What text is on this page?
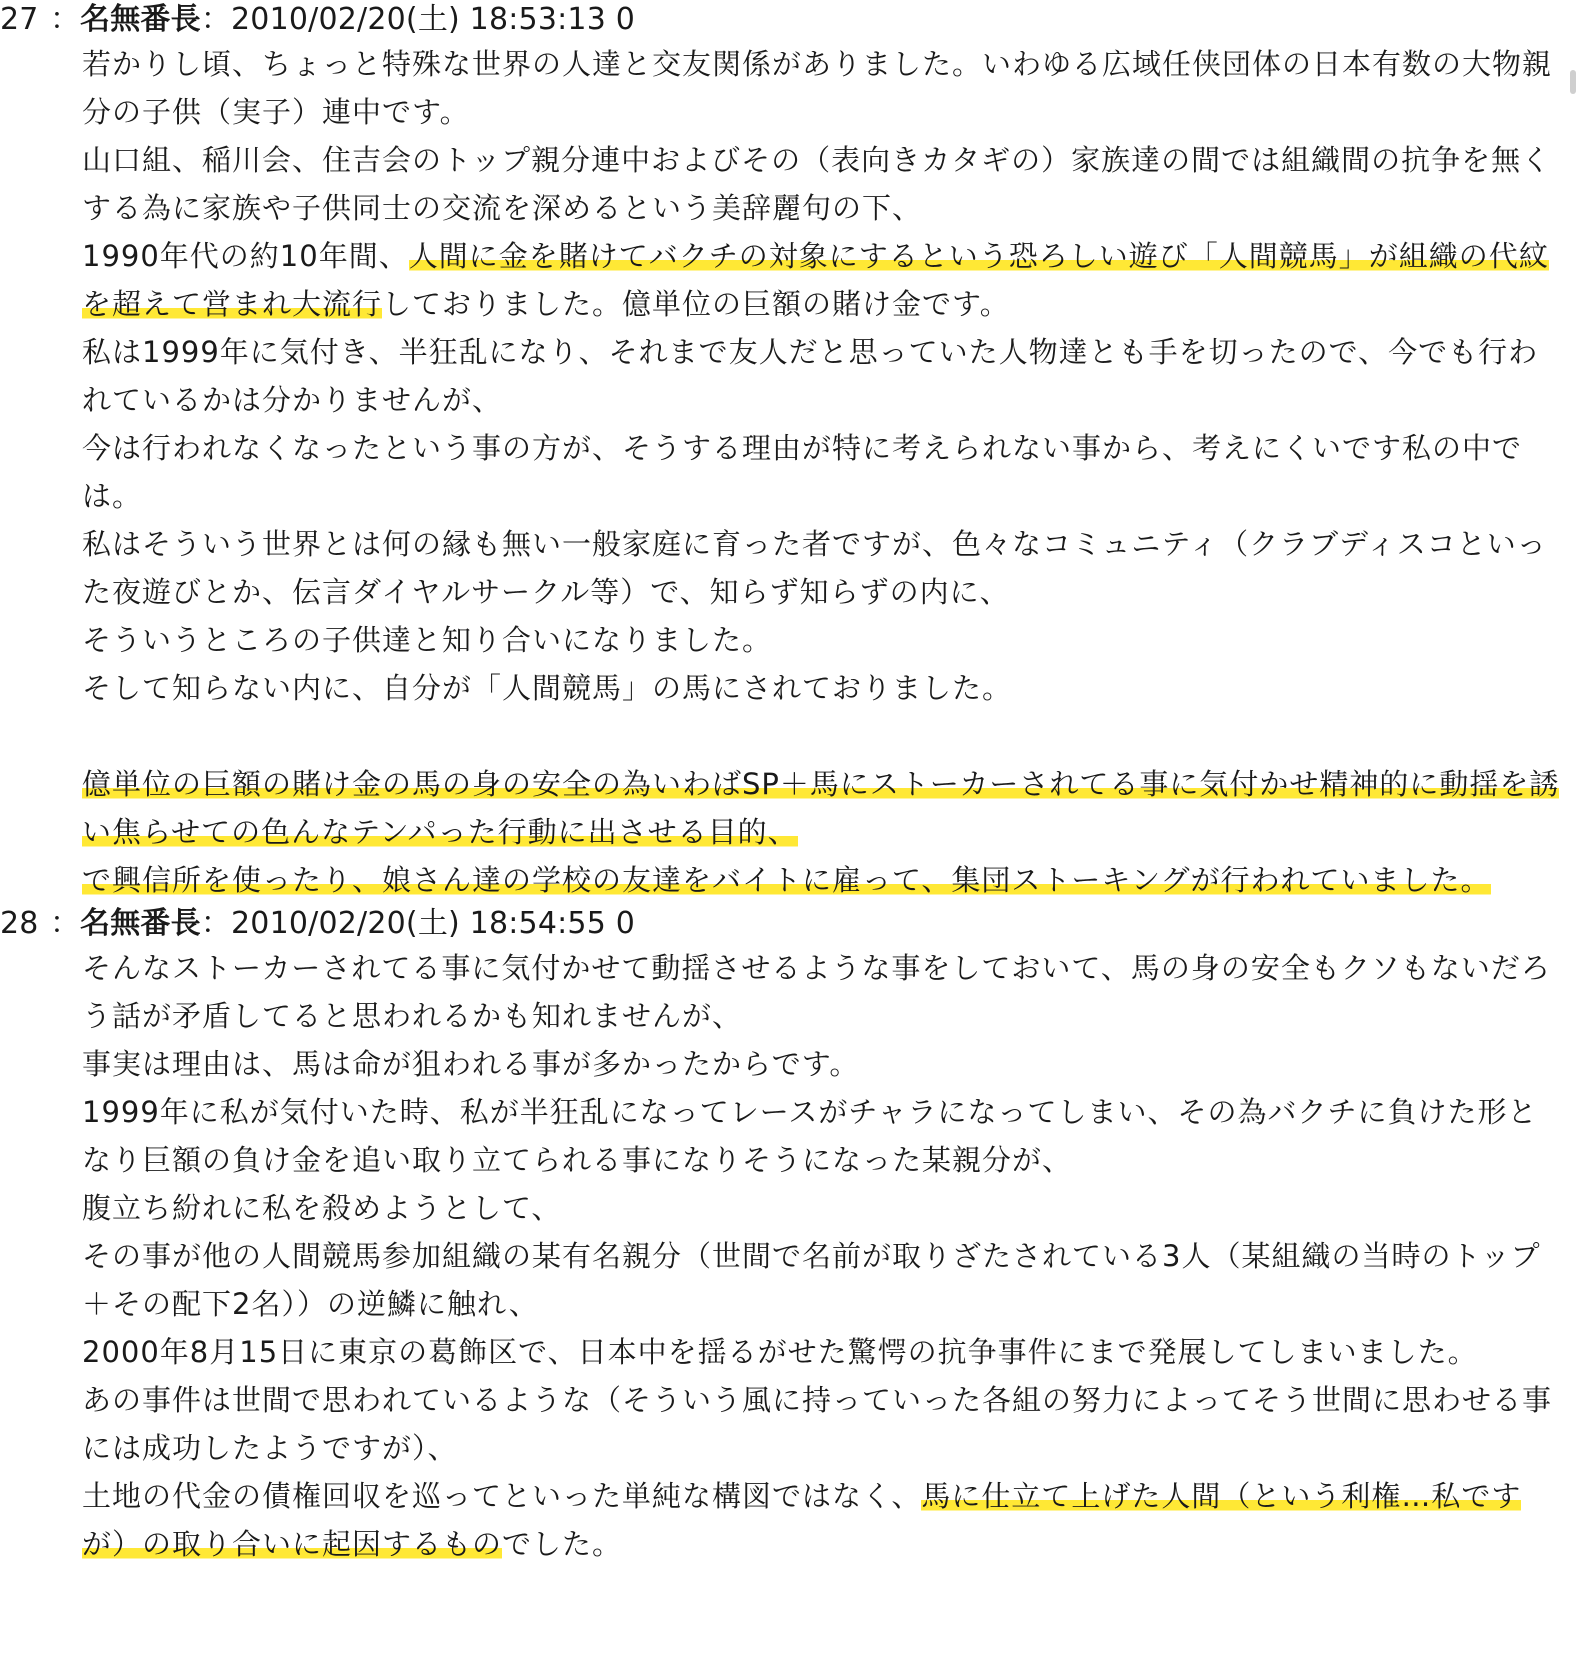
27 ：名無番長：2010/02/20(土) 18:53:13 0

若かりし頃、ちょっと特殊な世界の人達と交友関係がありました。いわゆる広域任侠団体の日本有数の大物親分の子供（実子）連中です。

山口組、稲川会、住吉会のトップ親分連中およびその（表向きカタギの）家族達の間では組織間の抗争を無くする為に家族や子供同士の交流を深めるという美辞麗句の下、

1990年代の約10年間、人間に金を賭けてバクチの対象にするという恐ろしい遊び「人間競馬」が組織の代紋を超えて営まれ大流行しておりました。億単位の巨額の賭け金です。

私は1999年に気付き、半狂乱になり、それまで友人だと思っていた人物達とも手を切ったので、今でも行われているかは分かりませんが、

今は行われなくなったという事の方が、そうする理由が特に考えられない事から、考えにくいです私の中では。

私はそういう世界とは何の縁も無い一般家庭に育った者ですが、色々なコミュニティ（クラブディスコといった夜遊びとか、伝言ダイヤルサークル等）で、知らず知らずの内に、

そういうところの子供達と知り合いになりました。

そして知らない内に、自分が「人間競馬」の馬にされておりました。

億単位の巨額の賭け金の馬の身の安全の為いわばSP＋馬にストーカーされてる事に気付かせ精神的に動揺を誘い焦らせての色んなテンパった行動に出させる目的、

で興信所を使ったり、娘さん達の学校の友達をバイトに雇って、集団ストーキングが行われていました。

28 ：名無番長：2010/02/20(土) 18:54:55 0

そんなストーカーされてる事に気付かせて動揺させるような事をしておいて、馬の身の安全もクソもないだろう話が矛盾してると思われるかも知れませんが、

事実は理由は、馬は命が狙われる事が多かったからです。

1999年に私が気付いた時、私が半狂乱になってレースがチャラになってしまい、その為バクチに負けた形となり巨額の負け金を追い取り立てられる事になりそうになった某親分が、

腹立ち紛れに私を殺めようとして、

その事が他の人間競馬参加組織の某有名親分（世間で名前が取りざたされている3人（某組織の当時のトップ＋その配下2名））の逆鱗に触れ、

2000年8月15日に東京の葛飾区で、日本中を揺るがせた驚愕の抗争事件にまで発展してしまいました。

あの事件は世間で思われているような（そういう風に持っていった各組の努力によってそう世間に思わせる事には成功したようですが）、

土地の代金の債権回収を巡ってといった単純な構図ではなく、馬に仕立て上げた人間（という利権…私ですが）の取り合いに起因するものでした。
